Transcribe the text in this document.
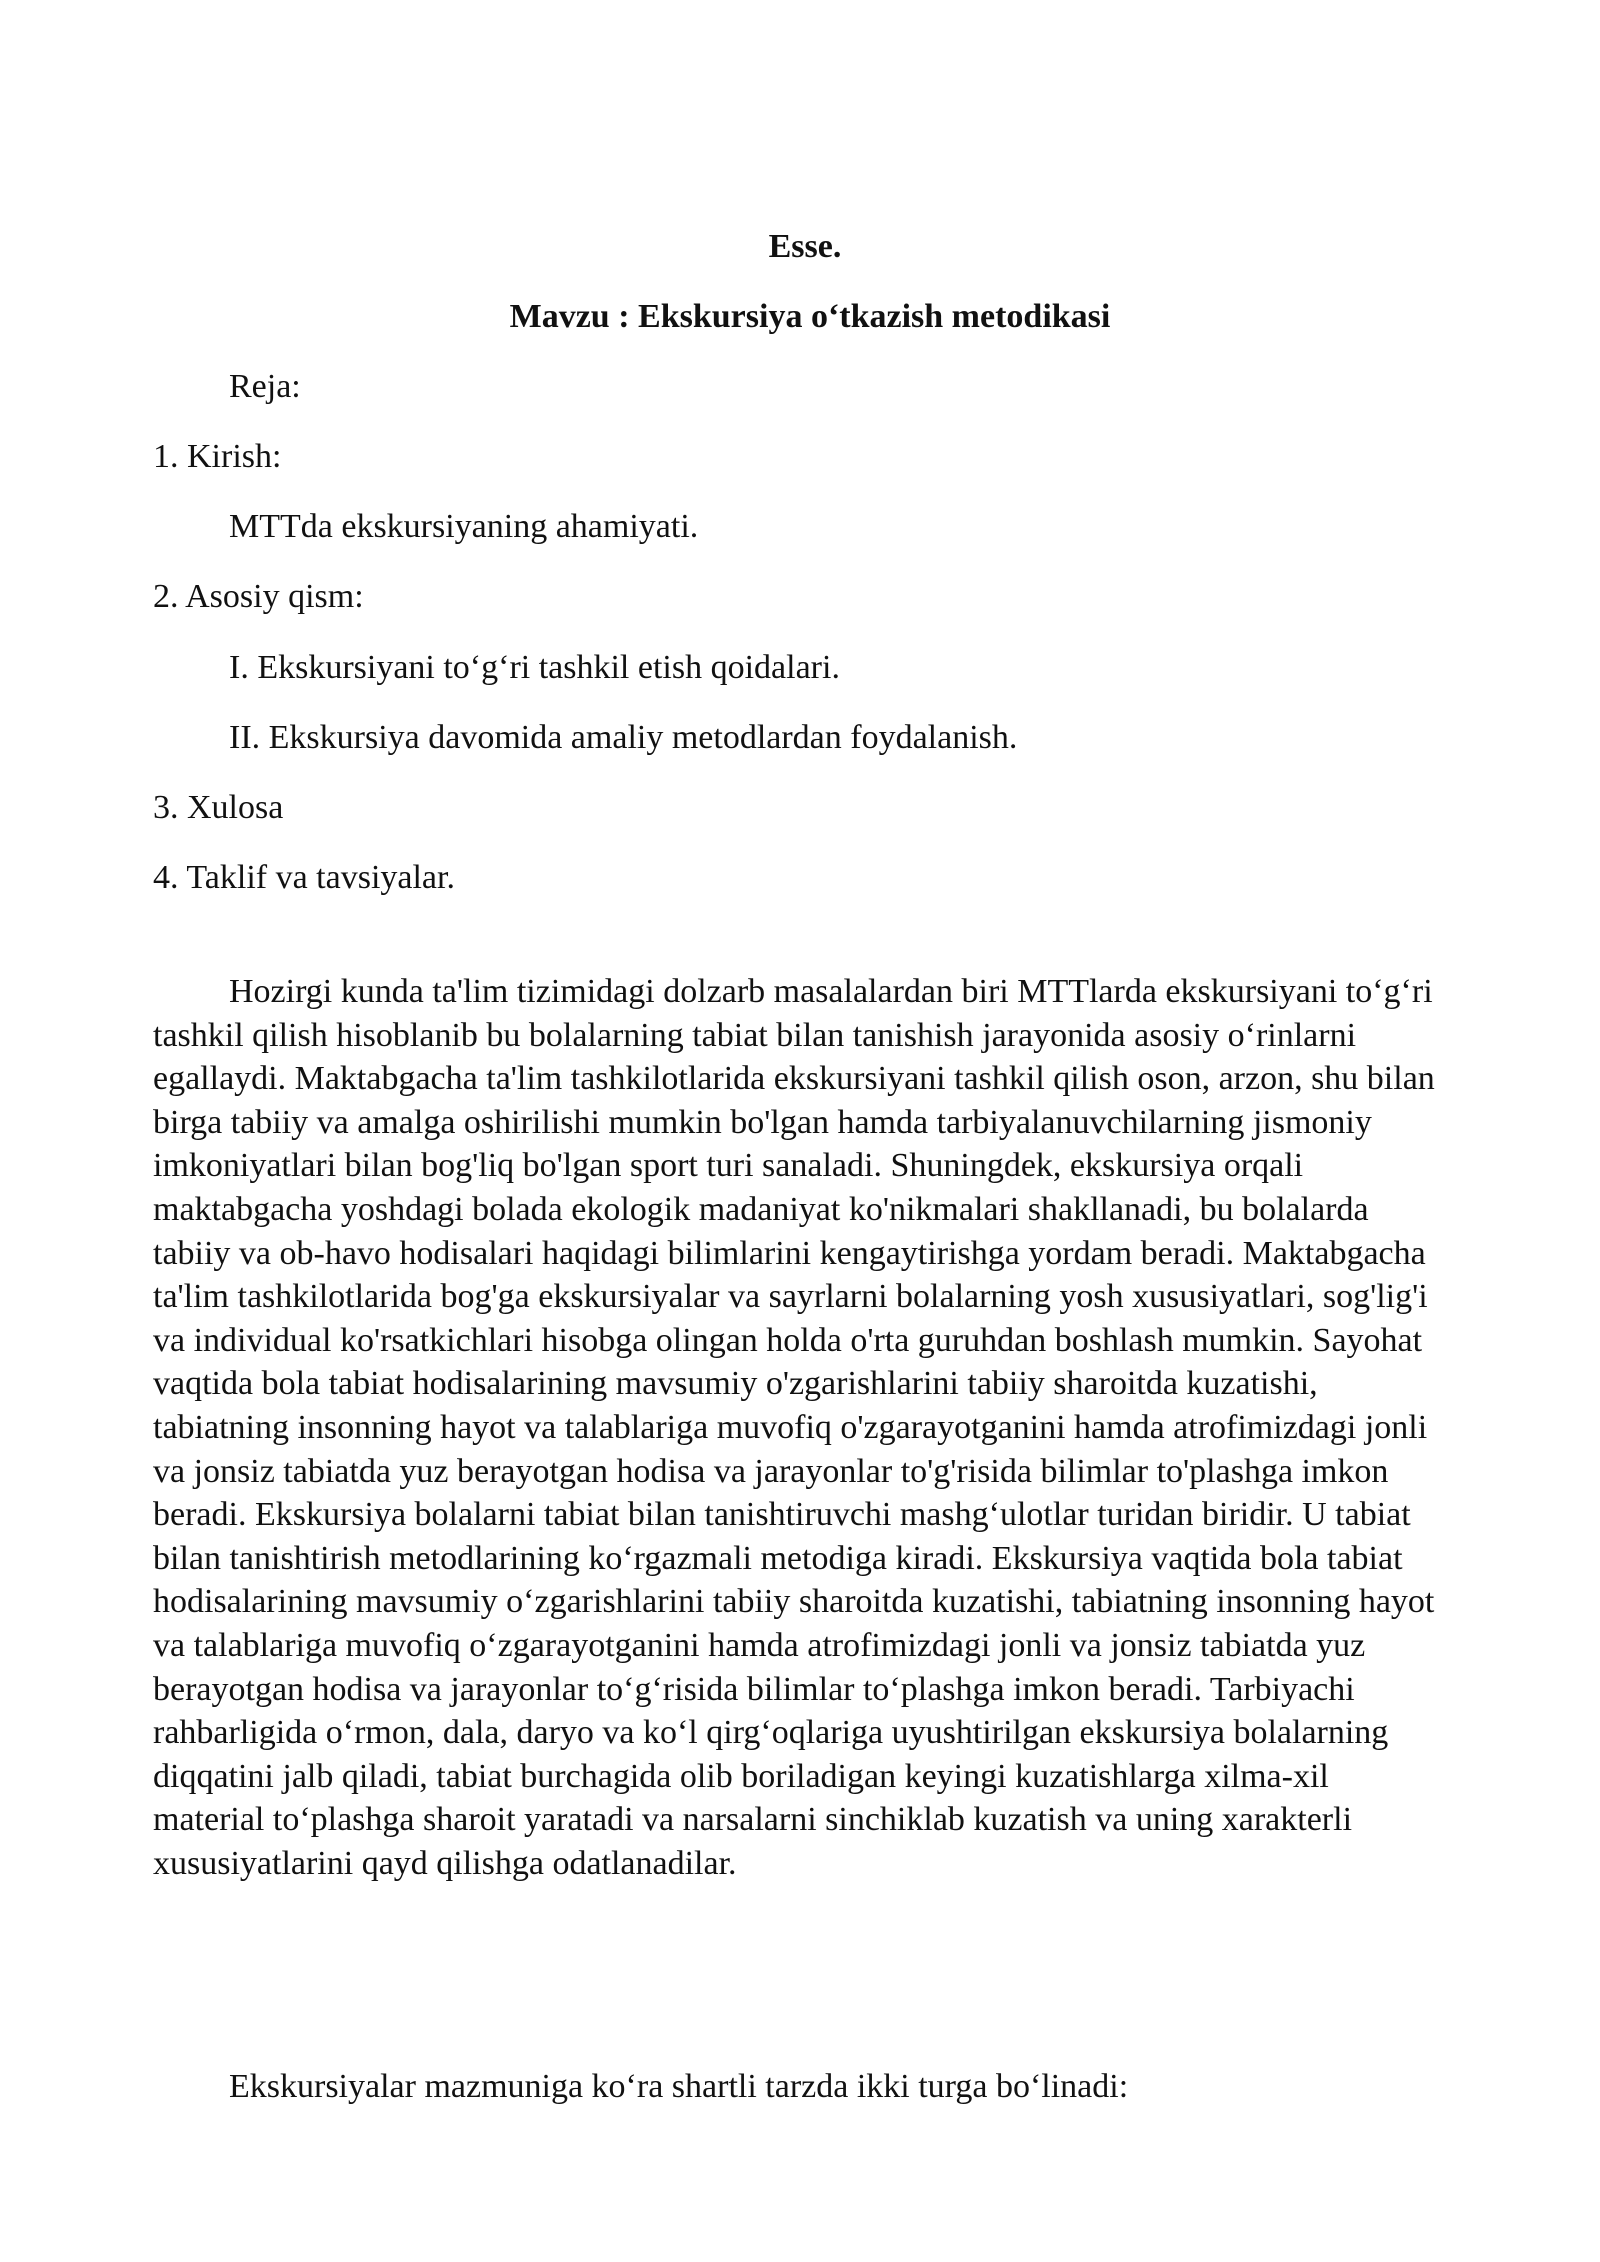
Esse.
Mavzu : Ekskursiya o‘tkazish metodikasi
Reja:
1. Kirish:
MTTda ekskursiyaning ahamiyati.
2. Asosiy qism:
I. Ekskursiyani to‘g‘ri tashkil etish qoidalari.
II. Ekskursiya davomida amaliy metodlardan foydalanish.
3. Xulosa
4. Taklif va tavsiyalar.

Hozirgi kunda ta'lim tizimidagi dolzarb masalalardan biri MTTlarda ekskursiyani to‘g‘ri tashkil qilish hisoblanib bu bolalarning tabiat bilan tanishish jarayonida asosiy o‘rinlarni egallaydi. Maktabgacha ta'lim tashkilotlarida ekskursiyani tashkil qilish oson, arzon, shu bilan birga tabiiy va amalga oshirilishi mumkin bo'lgan hamda tarbiyalanuvchilarning jismoniy imkoniyatlari bilan bog'liq bo'lgan sport turi sanaladi. Shuningdek, ekskursiya orqali maktabgacha yoshdagi bolada ekologik madaniyat ko'nikmalari shakllanadi, bu bolalarda tabiiy va ob-havo hodisalari haqidagi bilimlarini kengaytirishga yordam beradi. Maktabgacha ta'lim tashkilotlarida bog'ga ekskursiyalar va sayrlarni bolalarning yosh xususiyatlari, sog'lig'i va individual ko'rsatkichlari hisobga olingan holda o'rta guruhdan boshlash mumkin. Sayohat vaqtida bola tabiat hodisalarining mavsumiy o'zgarishlarini tabiiy sharoitda kuzatishi, tabiatning insonning hayot va talablariga muvofiq o'zgarayotganini hamda atrofimizdagi jonli va jonsiz tabiatda yuz berayotgan hodisa va jarayonlar to'g'risida bilimlar to'plashga imkon beradi. Ekskursiya bolalarni tabiat bilan tanishtiruvchi mashg‘ulotlar turidan biridir. U tabiat bilan tanishtirish metodlarining ko‘rgazmali metodiga kiradi. Ekskursiya vaqtida bola tabiat hodisalarining mavsumiy o‘zgarishlarini tabiiy sharoitda kuzatishi, tabiatning insonning hayot va talablariga muvofiq o‘zgarayotganini hamda atrofimizdagi jonli va jonsiz tabiatda yuz berayotgan hodisa va jarayonlar to‘g‘risida bilimlar to‘plashga imkon beradi. Tarbiyachi rahbarligida o‘rmon, dala, daryo va ko‘l qirg‘oqlariga uyushtirilgan ekskursiya bolalarning diqqatini jalb qiladi, tabiat burchagida olib boriladigan keyingi kuzatishlarga xilma-xil material to‘plashga sharoit yaratadi va narsalarni sinchiklab kuzatish va uning xarakterli xususiyatlarini qayd qilishga odatlanadilar.

Ekskursiyalar mazmuniga ko‘ra shartli tarzda ikki turga bo‘linadi:
